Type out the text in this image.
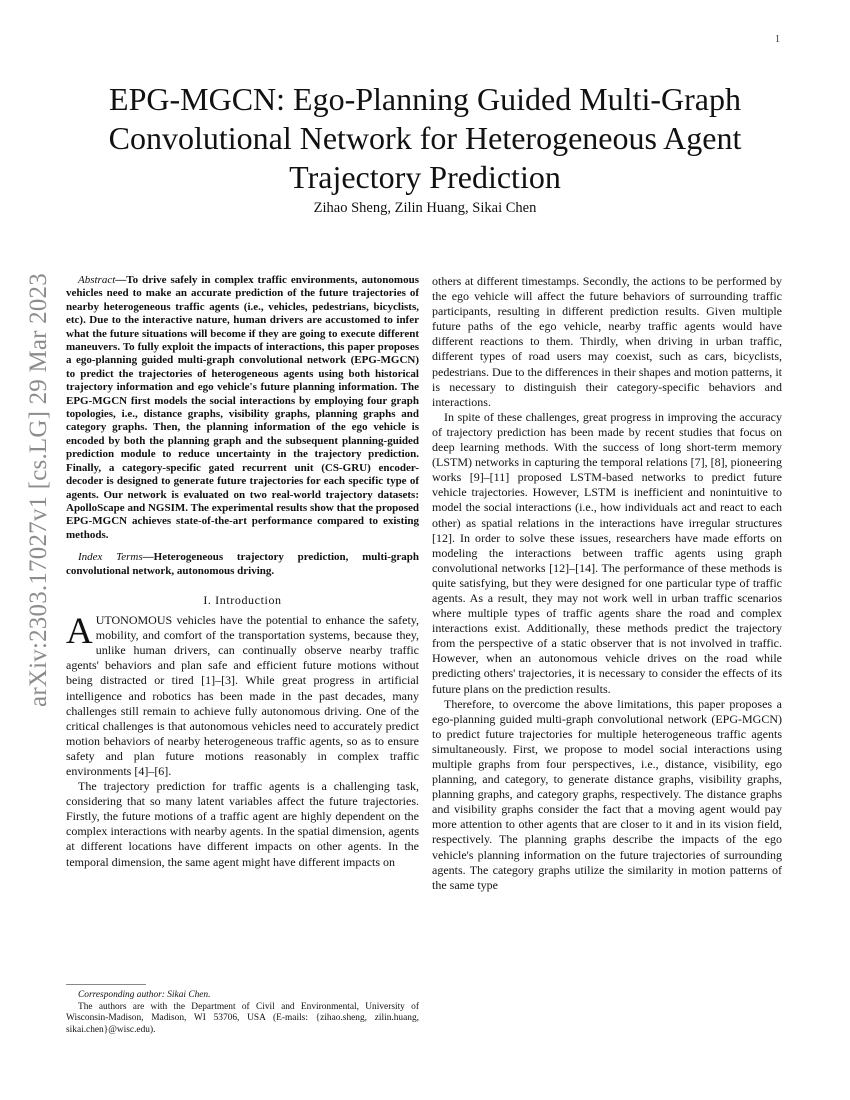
1
arXiv:2303.17027v1 [cs.LG] 29 Mar 2023
EPG-MGCN: Ego-Planning Guided Multi-Graph Convolutional Network for Heterogeneous Agent Trajectory Prediction
Zihao Sheng, Zilin Huang, Sikai Chen

Abstract—To drive safely in complex traffic environments, autonomous vehicles need to make an accurate prediction of the future trajectories of nearby heterogeneous traffic agents (i.e., vehicles, pedestrians, bicyclists, etc). Due to the interactive nature, human drivers are accustomed to infer what the future situations will become if they are going to execute different maneuvers. To fully exploit the impacts of interactions, this paper proposes a ego-planning guided multi-graph convolutional network (EPG-MGCN) to predict the trajectories of heterogeneous agents using both historical trajectory information and ego vehicle's future planning information. The EPG-MGCN first models the social interactions by employing four graph topologies, i.e., distance graphs, visibility graphs, planning graphs and category graphs. Then, the planning information of the ego vehicle is encoded by both the planning graph and the subsequent planning-guided prediction module to reduce uncertainty in the trajectory prediction. Finally, a category-specific gated recurrent unit (CS-GRU) encoder-decoder is designed to generate future trajectories for each specific type of agents. Our network is evaluated on two real-world trajectory datasets: ApolloScape and NGSIM. The experimental results show that the proposed EPG-MGCN achieves state-of-the-art performance compared to existing methods.

Index Terms—Heterogeneous trajectory prediction, multi-graph convolutional network, autonomous driving.

I. Introduction

AUTONOMOUS vehicles have the potential to enhance the safety, mobility, and comfort of the transportation systems, because they, unlike human drivers, can continually observe nearby traffic agents' behaviors and plan safe and efficient future motions without being distracted or tired [1]–[3]. While great progress in artificial intelligence and robotics has been made in the past decades, many challenges still remain to achieve fully autonomous driving. One of the critical challenges is that autonomous vehicles need to accurately predict motion behaviors of nearby heterogeneous traffic agents, so as to ensure safety and plan future motions reasonably in complex traffic environments [4]–[6].

The trajectory prediction for traffic agents is a challenging task, considering that so many latent variables affect the future trajectories. Firstly, the future motions of a traffic agent are highly dependent on the complex interactions with nearby agents. In the spatial dimension, agents at different locations have different impacts on other agents. In the temporal dimension, the same agent might have different impacts on

Corresponding author: Sikai Chen.

The authors are with the Department of Civil and Environmental, University of Wisconsin-Madison, Madison, WI 53706, USA (E-mails: {zihao.sheng, zilin.huang, sikai.chen}@wisc.edu).

others at different timestamps. Secondly, the actions to be performed by the ego vehicle will affect the future behaviors of surrounding traffic participants, resulting in different prediction results. Given multiple future paths of the ego vehicle, nearby traffic agents would have different reactions to them. Thirdly, when driving in urban traffic, different types of road users may coexist, such as cars, bicyclists, pedestrians. Due to the differences in their shapes and motion patterns, it is necessary to distinguish their category-specific behaviors and interactions.

In spite of these challenges, great progress in improving the accuracy of trajectory prediction has been made by recent studies that focus on deep learning methods. With the success of long short-term memory (LSTM) networks in capturing the temporal relations [7], [8], pioneering works [9]–[11] proposed LSTM-based networks to predict future vehicle trajectories. However, LSTM is inefficient and nonintuitive to model the social interactions (i.e., how individuals act and react to each other) as spatial relations in the interactions have irregular structures [12]. In order to solve these issues, researchers have made efforts on modeling the interactions between traffic agents using graph convolutional networks [12]–[14]. The performance of these methods is quite satisfying, but they were designed for one particular type of traffic agents. As a result, they may not work well in urban traffic scenarios where multiple types of traffic agents share the road and complex interactions exist. Additionally, these methods predict the trajectory from the perspective of a static observer that is not involved in traffic. However, when an autonomous vehicle drives on the road while predicting others' trajectories, it is necessary to consider the effects of its future plans on the prediction results.

Therefore, to overcome the above limitations, this paper proposes a ego-planning guided multi-graph convolutional network (EPG-MGCN) to predict future trajectories for multiple heterogeneous traffic agents simultaneously. First, we propose to model social interactions using multiple graphs from four perspectives, i.e., distance, visibility, ego planning, and category, to generate distance graphs, visibility graphs, planning graphs, and category graphs, respectively. The distance graphs and visibility graphs consider the fact that a moving agent would pay more attention to other agents that are closer to it and in its vision field, respectively. The planning graphs describe the impacts of the ego vehicle's planning information on the future trajectories of surrounding agents. The category graphs utilize the similarity in motion patterns of the same type
